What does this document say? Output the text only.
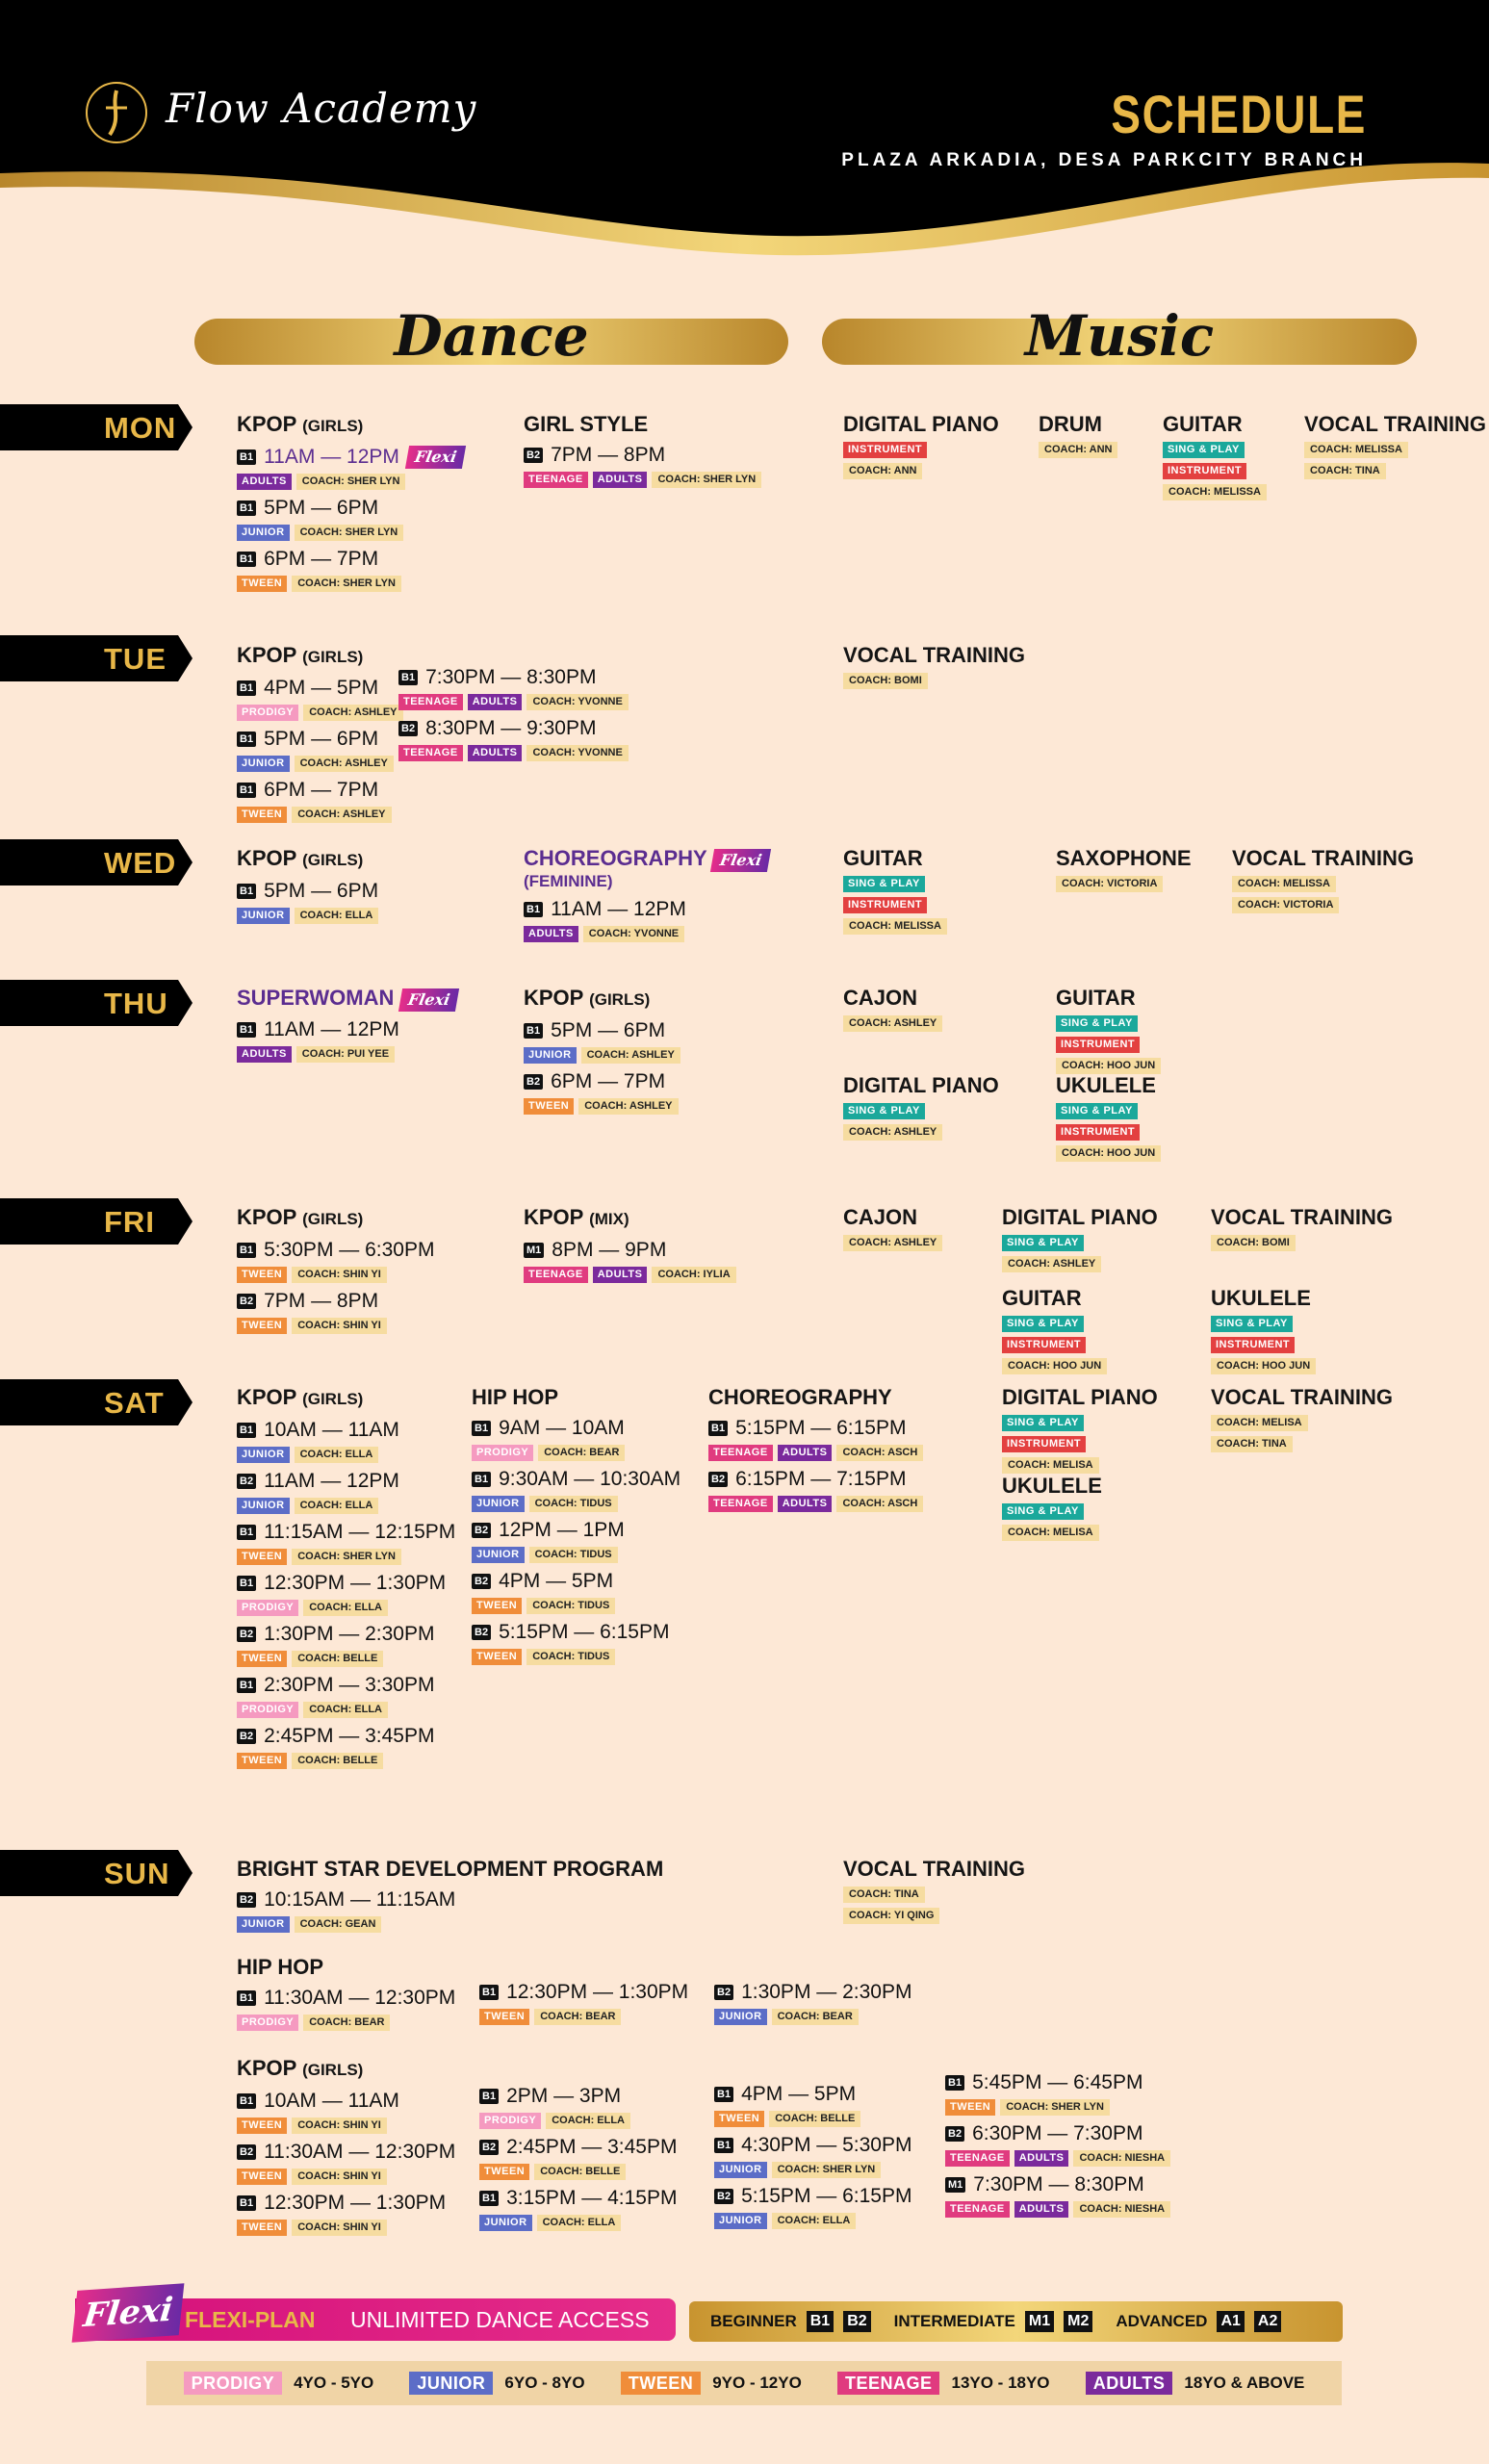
Flow Academy	SCHEDULE
PLAZA ARKADIA, DESA PARKCITY BRANCH
Dance	Music
MON	KPOP (GIRLS)
B1 11AM — 12PM Flexi
ADULTS	COACH: SHER LYN
B1 5PM — 6PM
JUNIOR	COACH: SHER LYN
B1 6PM — 7PM
TWEEN	COACH: SHER LYN
GIRL STYLE
B2 7PM — 8PM
TEENAGE	ADULTS	COACH: SHER LYN
DIGITAL PIANO
INSTRUMENT
COACH: ANN
DRUM
COACH: ANN
GUITAR
SING & PLAY
INSTRUMENT
COACH: MELISSA
VOCAL TRAINING
COACH: MELISSA
COACH: TINA
TUE	KPOP (GIRLS)
B1 4PM — 5PM
PRODIGY	COACH: ASHLEY
B1 5PM — 6PM
JUNIOR	COACH: ASHLEY
B1 6PM — 7PM
TWEEN	COACH: ASHLEY
B1 7:30PM — 8:30PM
TEENAGE	ADULTS	COACH: YVONNE
B2 8:30PM — 9:30PM
TEENAGE	ADULTS	COACH: YVONNE
VOCAL TRAINING
COACH: BOMI
WED	KPOP (GIRLS)
B1 5PM — 6PM
JUNIOR	COACH: ELLA
CHOREOGRAPHY Flexi
(FEMININE)
B1 11AM — 12PM
ADULTS	COACH: YVONNE
GUITAR
SING & PLAY
INSTRUMENT
COACH: MELISSA
SAXOPHONE
COACH: VICTORIA
VOCAL TRAINING
COACH: MELISSA
COACH: VICTORIA
THU	SUPERWOMAN Flexi
B1 11AM — 12PM
ADULTS	COACH: PUI YEE
KPOP (GIRLS)
B1 5PM — 6PM
JUNIOR	COACH: ASHLEY
B2 6PM — 7PM
TWEEN	COACH: ASHLEY
CAJON
COACH: ASHLEY
GUITAR
SING & PLAY
INSTRUMENT
COACH: HOO JUN
DIGITAL PIANO
SING & PLAY
COACH: ASHLEY
UKULELE
SING & PLAY
INSTRUMENT
COACH: HOO JUN
FRI	KPOP (GIRLS)
B1 5:30PM — 6:30PM
TWEEN	COACH: SHIN YI
B2 7PM — 8PM
TWEEN	COACH: SHIN YI
KPOP (MIX)
M1 8PM — 9PM
TEENAGE	ADULTS	COACH: IYLIA
CAJON
COACH: ASHLEY
DIGITAL PIANO
SING & PLAY
COACH: ASHLEY
VOCAL TRAINING
COACH: BOMI
GUITAR
SING & PLAY
INSTRUMENT
COACH: HOO JUN
UKULELE
SING & PLAY
INSTRUMENT
COACH: HOO JUN
SAT	KPOP (GIRLS)
B1 10AM — 11AM
JUNIOR	COACH: ELLA
B2 11AM — 12PM
JUNIOR	COACH: ELLA
B1 11:15AM — 12:15PM
TWEEN	COACH: SHER LYN
B1 12:30PM — 1:30PM
PRODIGY	COACH: ELLA
B2 1:30PM — 2:30PM
TWEEN	COACH: BELLE
B1 2:30PM — 3:30PM
PRODIGY	COACH: ELLA
B2 2:45PM — 3:45PM
TWEEN	COACH: BELLE
HIP HOP
B1 9AM — 10AM
PRODIGY	COACH: BEAR
B1 9:30AM — 10:30AM
JUNIOR	COACH: TIDUS
B2 12PM — 1PM
JUNIOR	COACH: TIDUS
B2 4PM — 5PM
TWEEN	COACH: TIDUS
B2 5:15PM — 6:15PM
TWEEN	COACH: TIDUS
CHOREOGRAPHY
B1 5:15PM — 6:15PM
TEENAGE	ADULTS	COACH: ASCH
B2 6:15PM — 7:15PM
TEENAGE	ADULTS	COACH: ASCH
DIGITAL PIANO
SING & PLAY
INSTRUMENT
COACH: MELISA
VOCAL TRAINING
COACH: MELISA
COACH: TINA
UKULELE
SING & PLAY
COACH: MELISA
SUN	BRIGHT STAR DEVELOPMENT PROGRAM
B2 10:15AM — 11:15AM
JUNIOR	COACH: GEAN
VOCAL TRAINING
COACH: TINA
COACH: YI QING
HIP HOP
B1 11:30AM — 12:30PM
PRODIGY	COACH: BEAR
B1 12:30PM — 1:30PM
TWEEN	COACH: BEAR
B2 1:30PM — 2:30PM
JUNIOR	COACH: BEAR
KPOP (GIRLS)
B1 10AM — 11AM
TWEEN	COACH: SHIN YI
B2 11:30AM — 12:30PM
TWEEN	COACH: SHIN YI
B1 12:30PM — 1:30PM
TWEEN	COACH: SHIN YI
B1 2PM — 3PM
PRODIGY	COACH: ELLA
B2 2:45PM — 3:45PM
TWEEN	COACH: BELLE
B1 3:15PM — 4:15PM
JUNIOR	COACH: ELLA
B1 4PM — 5PM
TWEEN	COACH: BELLE
B1 4:30PM — 5:30PM
JUNIOR	COACH: SHER LYN
B2 5:15PM — 6:15PM
JUNIOR	COACH: ELLA
B1 5:45PM — 6:45PM
TWEEN	COACH: SHER LYN
B2 6:30PM — 7:30PM
TEENAGE	ADULTS	COACH: NIESHA
M1 7:30PM — 8:30PM
TEENAGE	ADULTS	COACH: NIESHA
FLEXI-PLAN UNLIMITED DANCE ACCESS
Flexi	BEGINNER B1 B2 INTERMEDIATE M1 M2 ADVANCED A1 A2
PRODIGY	4YO - 5YO	JUNIOR	6YO - 8YO	TWEEN	9YO - 12YO	TEENAGE	13YO - 18YO	ADULTS	18YO & ABOVE
